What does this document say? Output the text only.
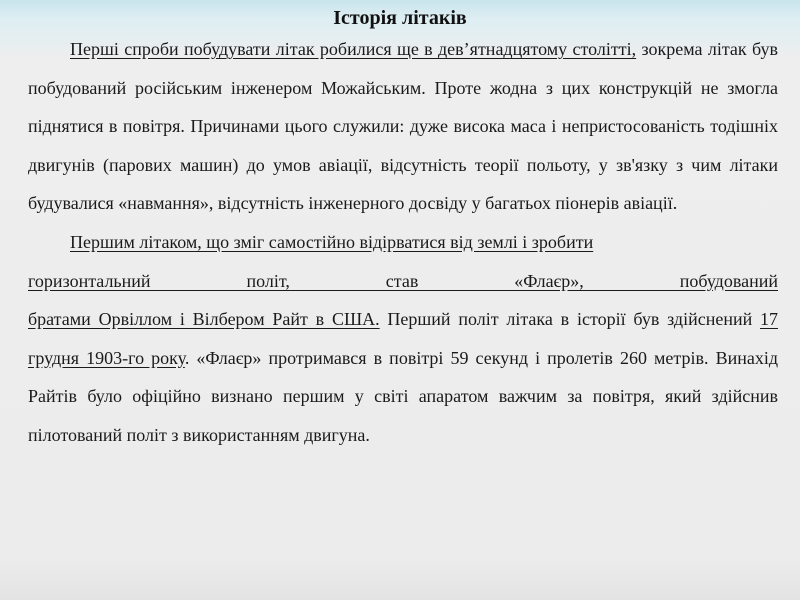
Історія літаків

Перші спроби побудувати літак робилися ще в дев’ятнадцятому столітті, зокрема літак був побудований російським інженером Можайським. Проте жодна з цих конструкцій не змогла піднятися в повітря. Причинами цього служили: дуже висока маса і непристосованість тодішніх двигунів (парових машин) до умов авіації, відсутність теорії польоту, у зв'язку з чим літаки будувалися «навмання», відсутність інженерного досвіду у багатьох піонерів авіації.

Першим літаком, що зміг самостійно відірватися від землі і зробити
горизонтальний політ, став «Флаєр», побудований
братами Орвіллом і Вілбером Райт в США. Перший політ літака в історії був здійснений 17 грудня 1903-го року. «Флаєр» протримався в повітрі 59 секунд і пролетів 260 метрів. Винахід Райтів було офіційно визнано першим у світі апаратом важчим за повітря, який здійснив пілотований політ з використанням двигуна.
